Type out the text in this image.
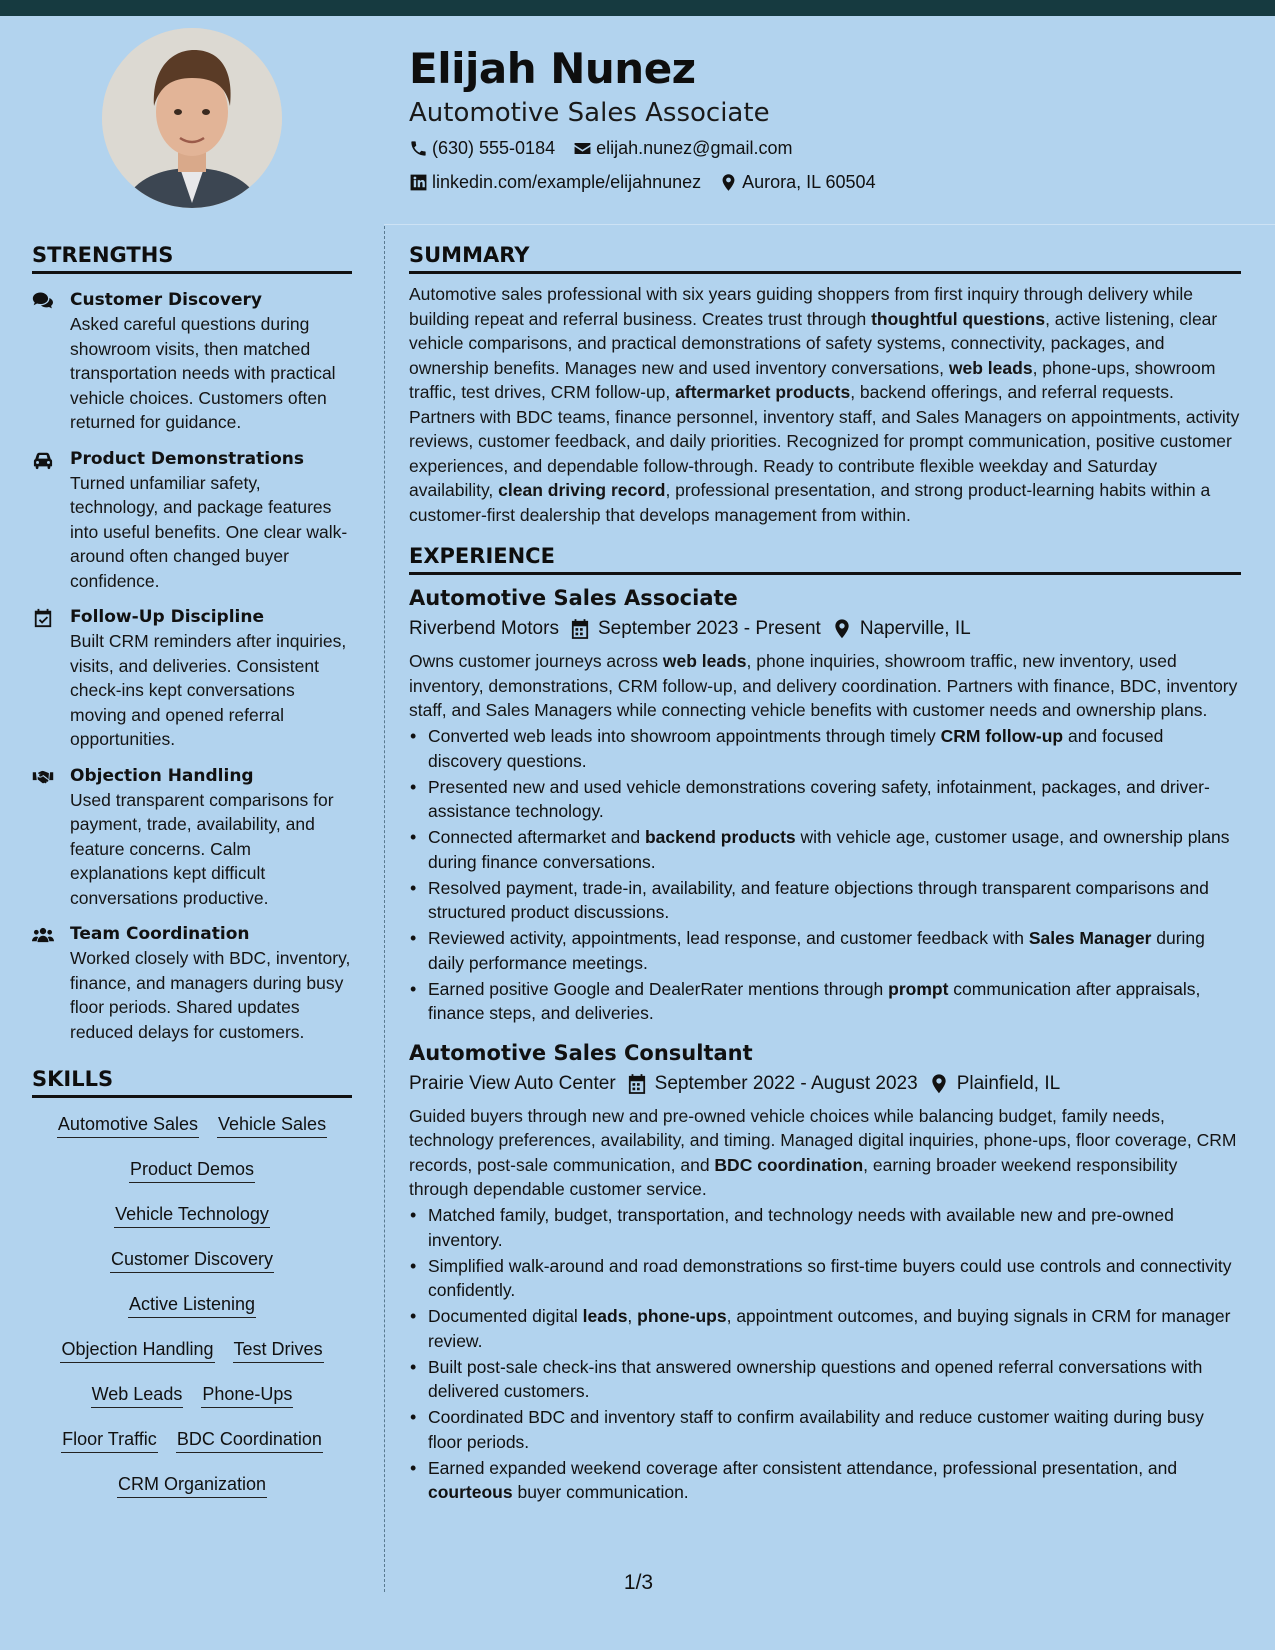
Elijah Nunez
Automotive Sales Associate
(630) 555-0184 elijah.nunez@gmail.com
linkedin.com/example/elijahnunez Aurora, IL 60504
STRENGTHS
Customer Discovery
Asked careful questions during showroom visits, then matched transportation needs with practical vehicle choices. Customers often returned for guidance.
Product Demonstrations
Turned unfamiliar safety, technology, and package features into useful benefits. One clear walk-around often changed buyer confidence.
Follow-Up Discipline
Built CRM reminders after inquiries, visits, and deliveries. Consistent check-ins kept conversations moving and opened referral opportunities.
Objection Handling
Used transparent comparisons for payment, trade, availability, and feature concerns. Calm explanations kept difficult conversations productive.
Team Coordination
Worked closely with BDC, inventory, finance, and managers during busy floor periods. Shared updates reduced delays for customers.
SKILLS
Automotive Sales Vehicle Sales
Product Demos
Vehicle Technology
Customer Discovery
Active Listening
Objection Handling Test Drives
Web Leads Phone-Ups
Floor Traffic BDC Coordination
CRM Organization
SUMMARY

Automotive sales professional with six years guiding shoppers from first inquiry through delivery while building repeat and referral business. Creates trust through thoughtful questions, active listening, clear vehicle comparisons, and practical demonstrations of safety systems, connectivity, packages, and ownership benefits. Manages new and used inventory conversations, web leads, phone-ups, showroom traffic, test drives, CRM follow-up, aftermarket products, backend offerings, and referral requests. Partners with BDC teams, finance personnel, inventory staff, and Sales Managers on appointments, activity reviews, customer feedback, and daily priorities. Recognized for prompt communication, positive customer experiences, and dependable follow-through. Ready to contribute flexible weekday and Saturday availability, clean driving record, professional presentation, and strong product-learning habits within a customer-first dealership that develops management from within.

EXPERIENCE
Automotive Sales Associate
Riverbend Motors September 2023 - Present Naperville, IL

Owns customer journeys across web leads, phone inquiries, showroom traffic, new inventory, used inventory, demonstrations, CRM follow-up, and delivery coordination. Partners with finance, BDC, inventory staff, and Sales Managers while connecting vehicle benefits with customer needs and ownership plans.

• Converted web leads into showroom appointments through timely CRM follow-up and focused discovery questions.
• Presented new and used vehicle demonstrations covering safety, infotainment, packages, and driver-assistance technology.
• Connected aftermarket and backend products with vehicle age, customer usage, and ownership plans during finance conversations.
• Resolved payment, trade-in, availability, and feature objections through transparent comparisons and structured product discussions.
• Reviewed activity, appointments, lead response, and customer feedback with Sales Manager during daily performance meetings.
• Earned positive Google and DealerRater mentions through prompt communication after appraisals, finance steps, and deliveries.
Automotive Sales Consultant
Prairie View Auto Center September 2022 - August 2023 Plainfield, IL

Guided buyers through new and pre-owned vehicle choices while balancing budget, family needs, technology preferences, availability, and timing. Managed digital inquiries, phone-ups, floor coverage, CRM records, post-sale communication, and BDC coordination, earning broader weekend responsibility through dependable customer service.

• Matched family, budget, transportation, and technology needs with available new and pre-owned inventory.
• Simplified walk-around and road demonstrations so first-time buyers could use controls and connectivity confidently.
• Documented digital leads, phone-ups, appointment outcomes, and buying signals in CRM for manager review.
• Built post-sale check-ins that answered ownership questions and opened referral conversations with delivered customers.
• Coordinated BDC and inventory staff to confirm availability and reduce customer waiting during busy floor periods.
• Earned expanded weekend coverage after consistent attendance, professional presentation, and courteous buyer communication.
1/3
